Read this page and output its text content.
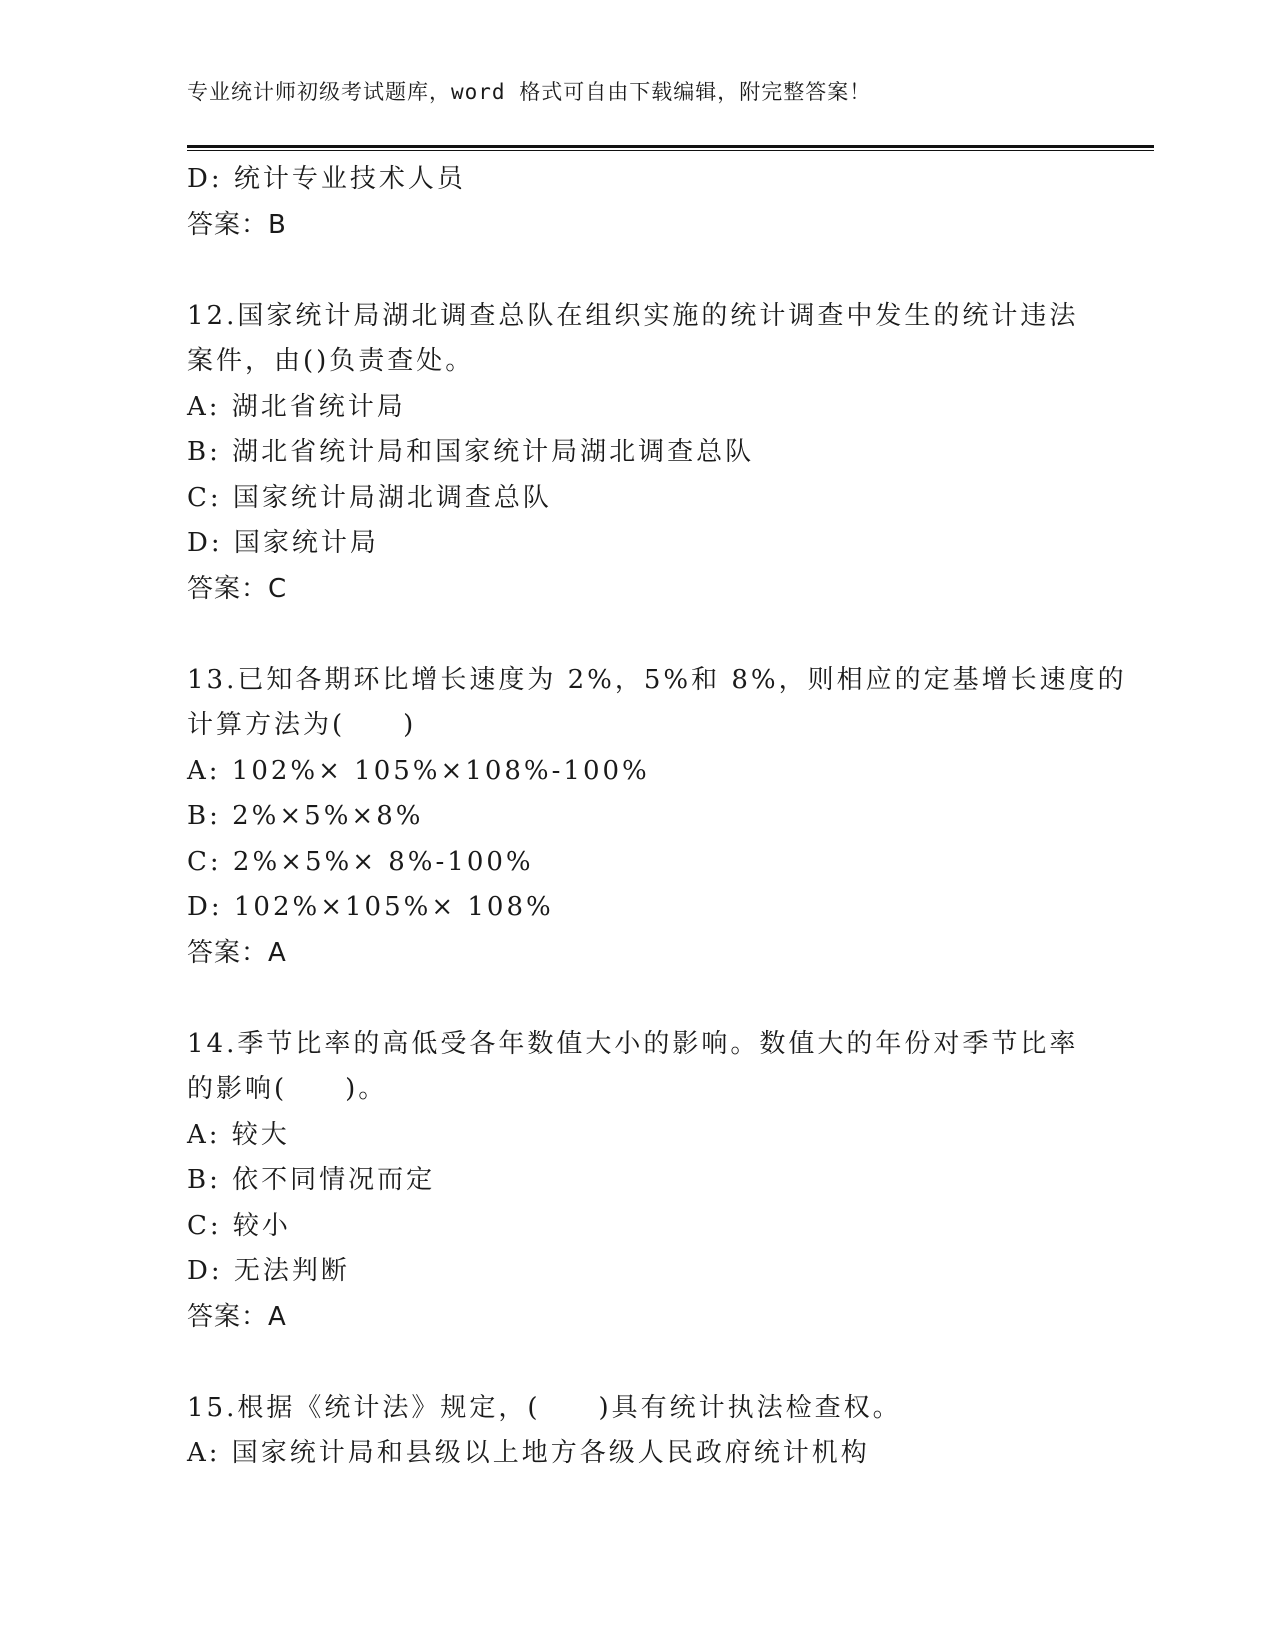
专业统计师初级考试题库，word 格式可自由下载编辑，附完整答案！
D: 统计专业技术人员
答案：B
12.国家统计局湖北调查总队在组织实施的统计调查中发生的统计违法
案件，由()负责查处。
A: 湖北省统计局
B: 湖北省统计局和国家统计局湖北调查总队
C: 国家统计局湖北调查总队
D: 国家统计局
答案：C
13.已知各期环比增长速度为 2%，5%和 8%，则相应的定基增长速度的
计算方法为(　　)
A: 102%× 105%×108%-100%
B: 2%×5%×8%
C: 2%×5%× 8%-100%
D: 102%×105%× 108%
答案：A
14.季节比率的高低受各年数值大小的影响。数值大的年份对季节比率
的影响(　　)。
A: 较大
B: 依不同情况而定
C: 较小
D: 无法判断
答案：A
15.根据《统计法》规定，(　　)具有统计执法检查权。
A: 国家统计局和县级以上地方各级人民政府统计机构
